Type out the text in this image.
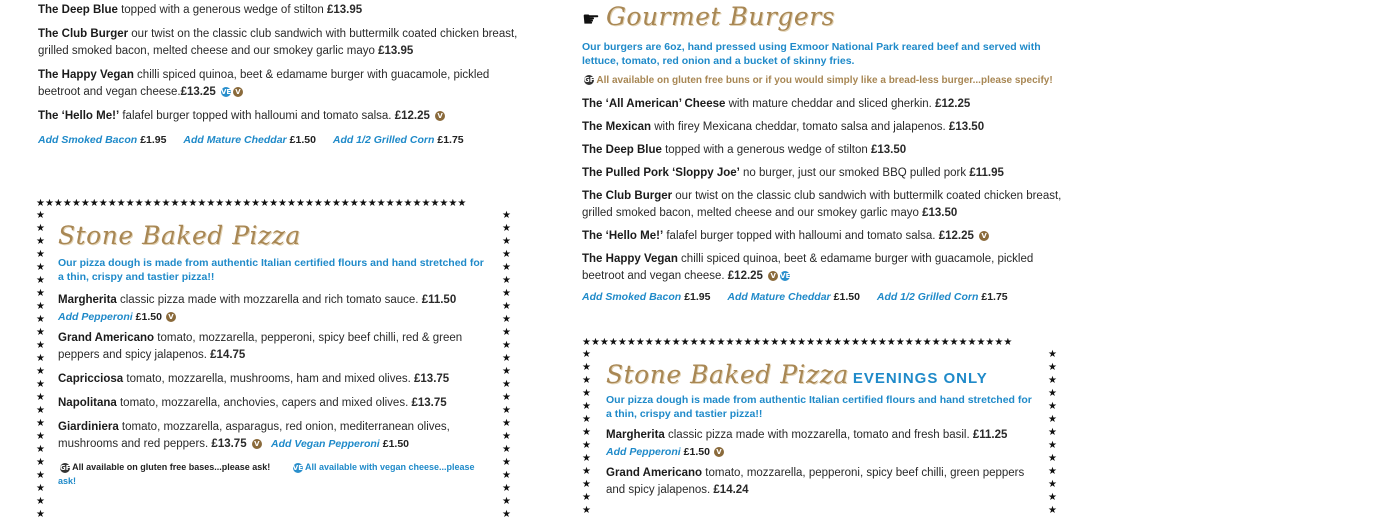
The Deep Blue topped with a generous wedge of stilton £13.95
The Club Burger our twist on the classic club sandwich with buttermilk coated chicken breast, grilled smoked bacon, melted cheese and our smokey garlic mayo £13.95
The Happy Vegan chilli spiced quinoa, beet & edamame burger with guacamole, pickled beetroot and vegan cheese.£13.25 VE V
The ‘Hello Me!’ falafel burger topped with halloumi and tomato salsa. £12.25 V
Add Smoked Bacon £1.95 Add Mature Cheddar £1.50 Add 1/2 Grilled Corn £1.75
★★★★★★★★★★★★★★★★★★★★★★★★★★★★★★★★★★★★★★★★★★★★★★★★
★★★★★★★★★★★★★★★★★★★★★★★★
★★★★★★★★★★★★★★★★★★★★★★★★
Stone Baked Pizza
Our pizza dough is made from authentic Italian certified flours and hand stretched for a thin, crispy and tastier pizza!!
Margherita classic pizza made with mozzarella and rich tomato sauce. £11.50
Add Pepperoni £1.50 V
Grand Americano tomato, mozzarella, pepperoni, spicy beef chilli, red & green peppers and spicy jalapenos. £14.75
Capricciosa tomato, mozzarella, mushrooms, ham and mixed olives. £13.75
Napolitana tomato, mozzarella, anchovies, capers and mixed olives. £13.75
Giardiniera tomato, mozzarella, asparagus, red onion, mediterranean olives, mushrooms and red peppers. £13.75 V Add Vegan Pepperoni £1.50
GF All available on gluten free bases...please ask!	VE All available with vegan cheese...please ask!
☛ Gourmet Burgers
Our burgers are 6oz, hand pressed using Exmoor National Park reared beef and served with lettuce, tomato, red onion and a bucket of skinny fries.
GF All available on gluten free buns or if you would simply like a bread-less burger...please specify!
The ‘All American’ Cheese with mature cheddar and sliced gherkin. £12.25
The Mexican with firey Mexicana cheddar, tomato salsa and jalapenos. £13.50
The Deep Blue topped with a generous wedge of stilton £13.50
The Pulled Pork ‘Sloppy Joe’ no burger, just our smoked BBQ pulled pork £11.95
The Club Burger our twist on the classic club sandwich with buttermilk coated chicken breast, grilled smoked bacon, melted cheese and our smokey garlic mayo £13.50
The ‘Hello Me!’ falafel burger topped with halloumi and tomato salsa. £12.25 V
The Happy Vegan chilli spiced quinoa, beet & edamame burger with guacamole, pickled beetroot and vegan cheese. £12.25 V VE
Add Smoked Bacon £1.95 Add Mature Cheddar £1.50 Add 1/2 Grilled Corn £1.75
★★★★★★★★★★★★★★★★★★★★★★★★★★★★★★★★★★★★★★★★★★★★★★★★
★★★★★★★★★★★★★
★★★★★★★★★★★★★
Stone Baked Pizza EVENINGS ONLY
Our pizza dough is made from authentic Italian certified flours and hand stretched for a thin, crispy and tastier pizza!!
Margherita classic pizza made with mozzarella, tomato and fresh basil. £11.25
Add Pepperoni £1.50 V
Grand Americano tomato, mozzarella, pepperoni, spicy beef chilli, green peppers and spicy jalapenos. £14.24
